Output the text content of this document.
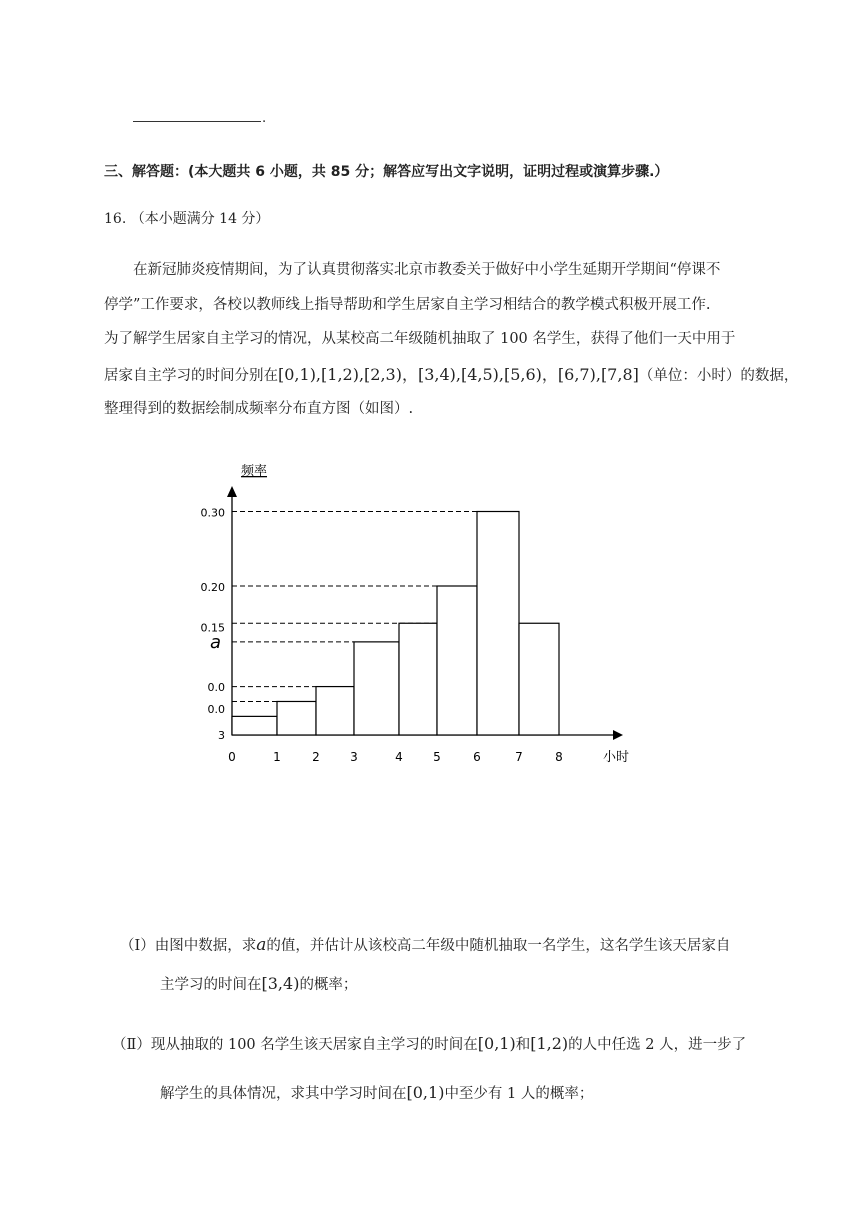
.
三、解答题：(本大题共 6 小题，共 85 分；解答应写出文字说明，证明过程或演算步骤.）
16. （本小题满分 14 分）
在新冠肺炎疫情期间，为了认真贯彻落实北京市教委关于做好中小学生延期开学期间“停课不
停学”工作要求，各校以教师线上指导帮助和学生居家自主学习相结合的教学模式积极开展工作.
为了解学生居家自主学习的情况，从某校高二年级随机抽取了 100 名学生，获得了他们一天中用于
居家自主学习的时间分别在[0,1),[1,2),[2,3)，[3,4),[4,5),[5,6)，[6,7),[7,8]（单位：小时）的数据，
整理得到的数据绘制成频率分布直方图（如图）.
0	1	2	3	4	5	6	7	8
0.30
0.20
0.15
a
0.0
0.0
3
频率
小时
（Ⅰ）由图中数据，求a的值，并估计从该校高二年级中随机抽取一名学生，这名学生该天居家自
主学习的时间在[3,4)的概率；
（Ⅱ）现从抽取的 100 名学生该天居家自主学习的时间在[0,1)和[1,2)的人中任选 2 人，进一步了
解学生的具体情况，求其中学习时间在[0,1)中至少有 1 人的概率；
